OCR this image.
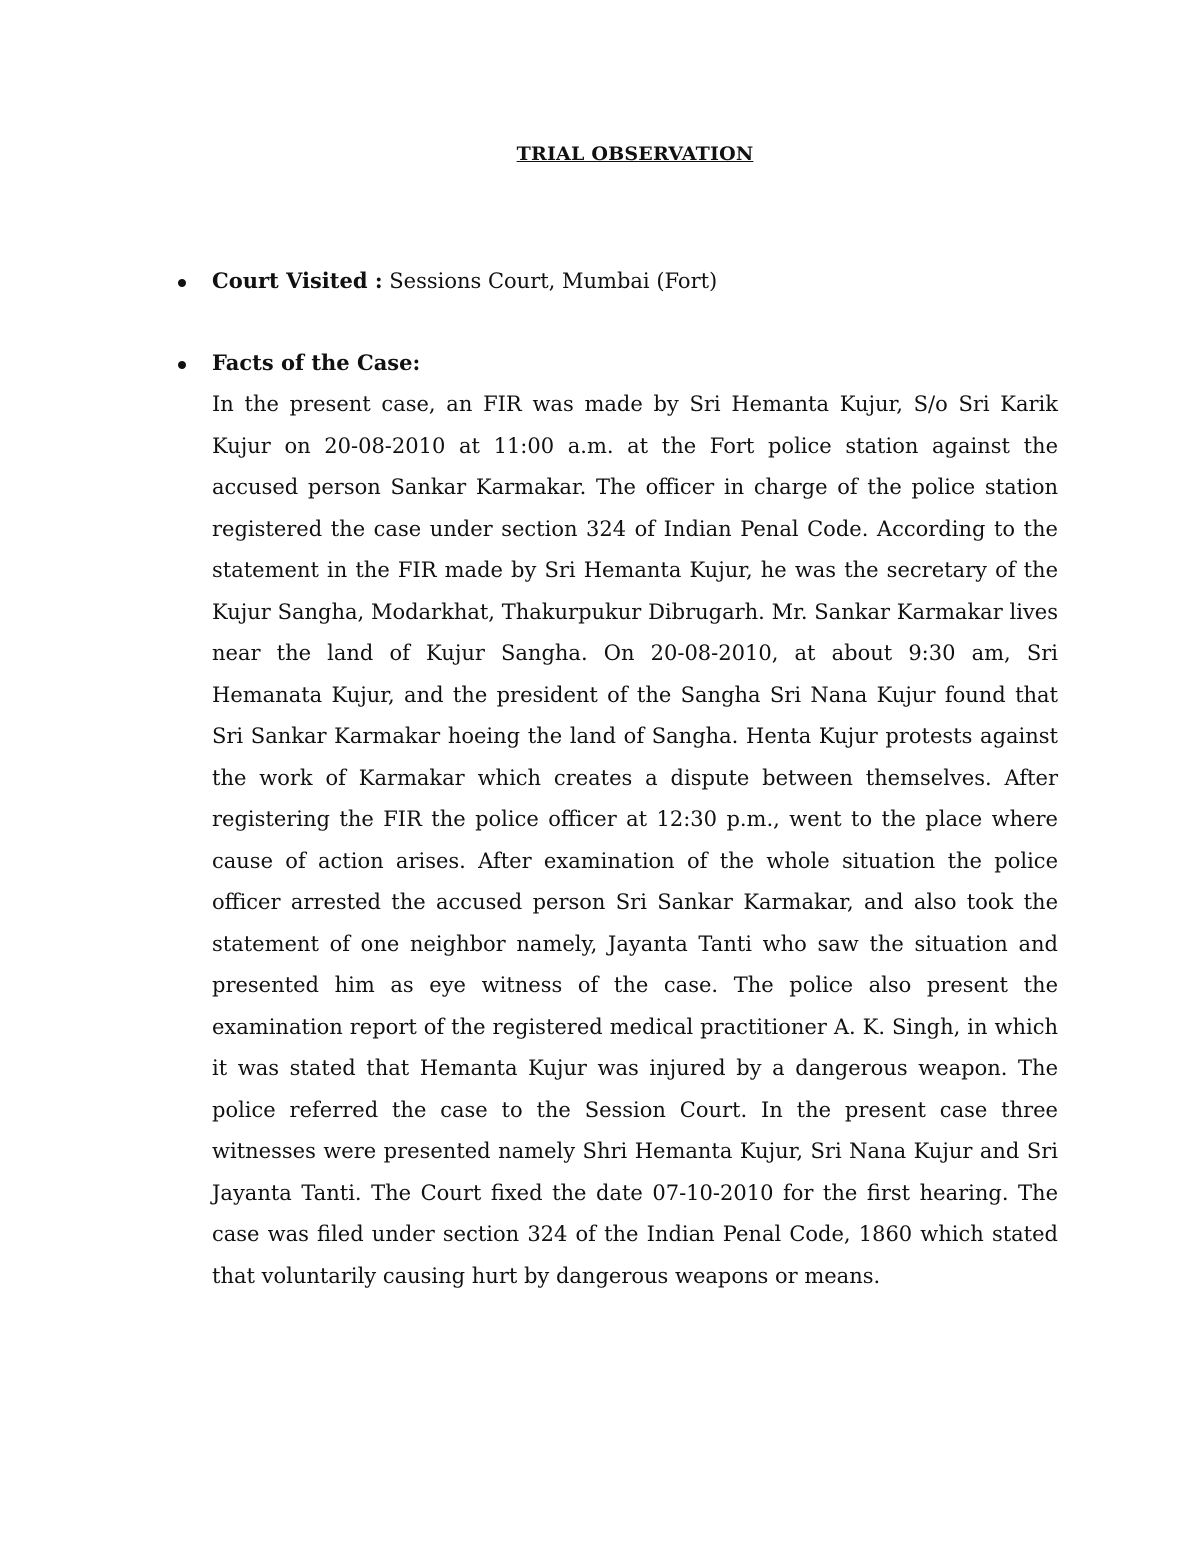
TRIAL OBSERVATION
Court Visited : Sessions Court, Mumbai (Fort)
Facts of the Case:

In the present case, an FIR was made by Sri Hemanta Kujur, S/o Sri Karik Kujur on 20-08-2010 at 11:00 a.m. at the Fort police station against the accused person Sankar Karmakar. The officer in charge of the police station registered the case under section 324 of Indian Penal Code. According to the statement in the FIR made by Sri Hemanta Kujur, he was the secretary of the Kujur Sangha, Modarkhat, Thakurpukur Dibrugarh. Mr. Sankar Karmakar lives near the land of Kujur Sangha. On 20-08-2010, at about 9:30 am, Sri Hemanata Kujur, and the president of the Sangha Sri Nana Kujur found that Sri Sankar Karmakar hoeing the land of Sangha. Henta Kujur protests against the work of Karmakar which creates a dispute between themselves. After registering the FIR the police officer at 12:30 p.m., went to the place where cause of action arises. After examination of the whole situation the police officer arrested the accused person Sri Sankar Karmakar, and also took the statement of one neighbor namely, Jayanta Tanti who saw the situation and presented him as eye witness of the case. The police also present the examination report of the registered medical practitioner A. K. Singh, in which it was stated that Hemanta Kujur was injured by a dangerous weapon. The police referred the case to the Session Court. In the present case three witnesses were presented namely Shri Hemanta Kujur, Sri Nana Kujur and Sri Jayanta Tanti. The Court fixed the date 07-10-2010 for the first hearing. The case was filed under section 324 of the Indian Penal Code, 1860 which stated that voluntarily causing hurt by dangerous weapons or means.
